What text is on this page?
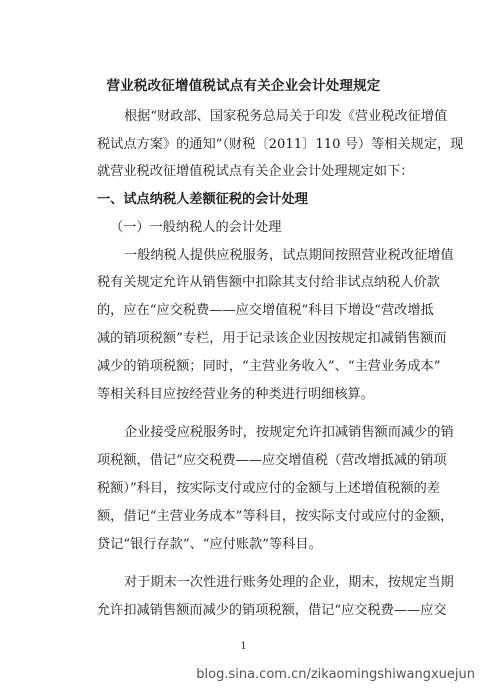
营业税改征增值税试点有关企业会计处理规定
根据“财政部、国家税务总局关于印发《营业税改征增值
税试点方案》的通知”（财税〔2011〕110 号）等相关规定，现
就营业税改征增值税试点有关企业会计处理规定如下：
一、试点纳税人差额征税的会计处理
（一）一般纳税人的会计处理
一般纳税人提供应税服务，试点期间按照营业税改征增值
税有关规定允许从销售额中扣除其支付给非试点纳税人价款
的，应在“应交税费——应交增值税”科目下增设“营改增抵
减的销项税额”专栏，用于记录该企业因按规定扣减销售额而
减少的销项税额；同时，“主营业务收入”、“主营业务成本”
等相关科目应按经营业务的种类进行明细核算。
企业接受应税服务时，按规定允许扣减销售额而减少的销
项税额，借记“应交税费——应交增值税（营改增抵减的销项
税额）”科目，按实际支付或应付的金额与上述增值税额的差
额，借记“主营业务成本”等科目，按实际支付或应付的金额，
贷记“银行存款”、“应付账款”等科目。
对于期末一次性进行账务处理的企业，期末，按规定当期
允许扣减销售额而减少的销项税额，借记“应交税费——应交
1
blog.sina.com.cn/zikaomingshiwangxuejun
